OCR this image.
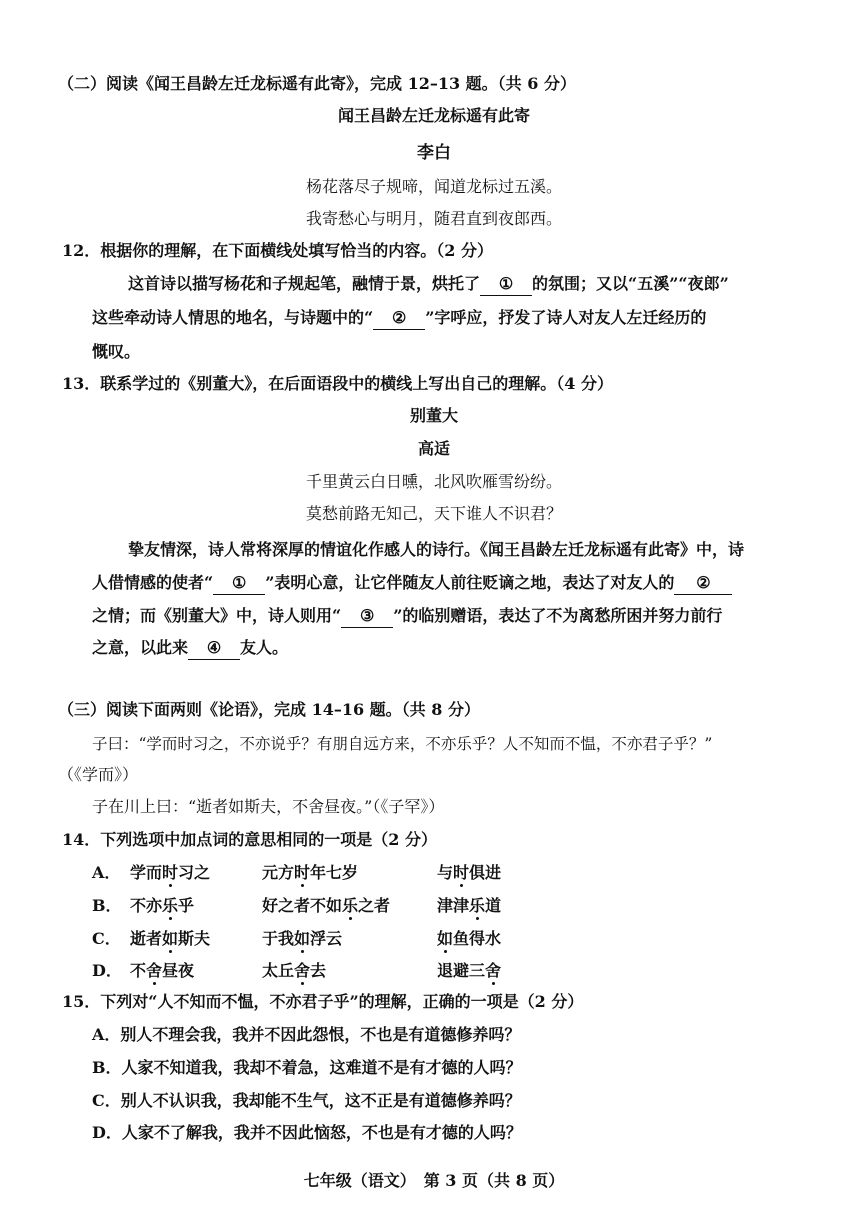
（二）阅读《闻王昌龄左迁龙标遥有此寄》，完成 12–13 题。（共 6 分）
闻王昌龄左迁龙标遥有此寄
李白
杨花落尽子规啼，闻道龙标过五溪。
我寄愁心与明月，随君直到夜郎西。
12．根据你的理解，在下面横线处填写恰当的内容。（2 分）
这首诗以描写杨花和子规起笔，融情于景，烘托了 ① 的氛围；又以“五溪”“夜郎”
这些牵动诗人情思的地名，与诗题中的“ ② ”字呼应，抒发了诗人对友人左迁经历的
慨叹。
13．联系学过的《别董大》，在后面语段中的横线上写出自己的理解。（4 分）
别董大
高适
千里黄云白日曛，北风吹雁雪纷纷。
莫愁前路无知己，天下谁人不识君？
挚友情深，诗人常将深厚的情谊化作感人的诗行。《闻王昌龄左迁龙标遥有此寄》中，诗
人借情感的使者“ ① ”表明心意，让它伴随友人前往贬谪之地，表达了对友人的 ②
之情；而《别董大》中，诗人则用“ ③ ”的临别赠语，表达了不为离愁所困并努力前行
之意，以此来 ④ 友人。
（三）阅读下面两则《论语》，完成 14–16 题。（共 8 分）
子曰：“学而时习之，不亦说乎？有朋自远方来，不亦乐乎？人不知而不愠，不亦君子乎？”
（《学而》）
子在川上曰：“逝者如斯夫，不舍昼夜。”（《子罕》）
14．下列选项中加点词的意思相同的一项是（2 分）
A． 学而时习之	元方时年七岁	与时俱进
B． 不亦乐乎	好之者不如乐之者	津津乐道
C． 逝者如斯夫	于我如浮云	如鱼得水
D． 不舍昼夜	太丘舍去	退避三舍
15．下列对“人不知而不愠，不亦君子乎”的理解，正确的一项是（2 分）
A．别人不理会我，我并不因此怨恨，不也是有道德修养吗？
B．人家不知道我，我却不着急，这难道不是有才德的人吗？
C．别人不认识我，我却能不生气，这不正是有道德修养吗？
D．人家不了解我，我并不因此恼怒，不也是有才德的人吗？
七年级（语文）　第 3 页（共 8 页）
